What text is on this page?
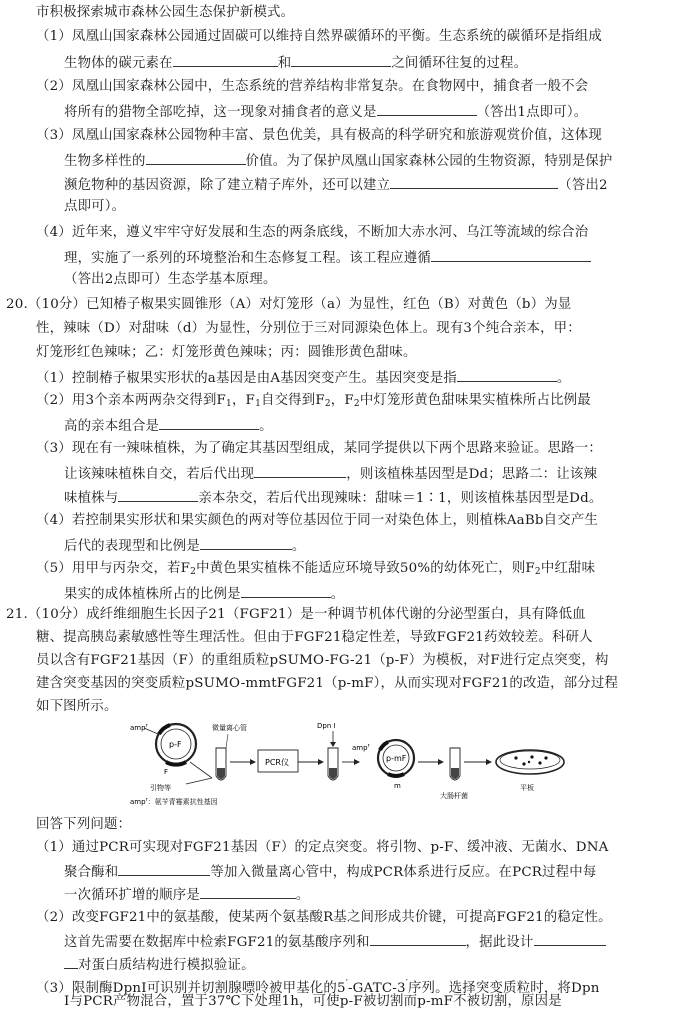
市积极探索城市森林公园生态保护新模式。
（1）凤凰山国家森林公园通过固碳可以维持自然界碳循环的平衡。生态系统的碳循环是指组成
生物体的碳元素在	和	之间循环往复的过程。
（2）凤凰山国家森林公园中，生态系统的营养结构非常复杂。在食物网中，捕食者一般不会
将所有的猎物全部吃掉，这一现象对捕食者的意义是	（答出1点即可）。
（3）凤凰山国家森林公园物种丰富、景色优美，具有极高的科学研究和旅游观赏价值，这体现
生物多样性的	价值。为了保护凤凰山国家森林公园的生物资源，特别是保护
濒危物种的基因资源，除了建立精子库外，还可以建立	（答出2
点即可）。
（4）近年来，遵义牢牢守好发展和生态的两条底线，不断加大赤水河、乌江等流域的综合治
理，实施了一系列的环境整治和生态修复工程。该工程应遵循
（答出2点即可）生态学基本原理。
20.（10分）已知椿子椒果实圆锥形（A）对灯笼形（a）为显性，红色（B）对黄色（b）为显
性，辣味（D）对甜味（d）为显性，分别位于三对同源染色体上。现有3个纯合亲本，甲：
灯笼形红色辣味；乙：灯笼形黄色辣味；丙：圆锥形黄色甜味。
（1）控制椿子椒果实形状的a基因是由A基因突变产生。基因突变是指	。
（2）用3个亲本两两杂交得到$F_1$，$F_1$自交得到$F_2$，$F_2$中灯笼形黄色甜味果实植株所占比例最
高的亲本组合是	。
（3）现在有一辣味植株，为了确定其基因型组成，某同学提供以下两个思路来验证。思路一：
让该辣味植株自交，若后代出现	，则该植株基因型是Dd；思路二：让该辣
味植株与	亲本杂交，若后代出现辣味：甜味＝1∶1，则该植株基因型是Dd。
（4）若控制果实形状和果实颜色的两对等位基因位于同一对染色体上，则植株AaBb自交产生
后代的表现型和比例是	。
（5）用甲与丙杂交，若$F_2$中黄色果实植株不能适应环境导致50%的幼体死亡，则$F_2$中红甜味
果实的成体植株所占的比例是	。
21.（10分）成纤维细胞生长因子21（FGF21）是一种调节机体代谢的分泌型蛋白，具有降低血
糖、提高胰岛素敏感性等生理活性。但由于FGF21稳定性差，导致FGF21药效较差。科研人
员以含有FGF21基因（F）的重组质粒pSUMO-FG-21（p-F）为模板，对F进行定点突变，构
建含突变基因的突变质粒pSUMO-mmtFGF21（p-mF），从而实现对FGF21的改造，部分过程
如下图所示。
amp$^r$
p-F
F
引物等
微量离心管
PCR仪
Dpn I
amp$^r$
p-mF
m
大肠杆菌
平板
amp$^r$：氨苄青霉素抗性基因
回答下列问题：
（1）通过PCR可实现对FGF21基因（F）的定点突变。将引物、p-F、缓冲液、无菌水、DNA
聚合酶和	等加入微量离心管中，构成PCR体系进行反应。在PCR过程中每
一次循环扩增的顺序是	。
（2）改变FGF21中的氨基酸，使某两个氨基酸R基之间形成共价键，可提高FGF21的稳定性。
这首先需要在数据库中检索FGF21的氨基酸序列和	，据此设计
对蛋白质结构进行模拟验证。
（3）限制酶DpnI可识别并切割腺嘌呤被甲基化的5′-GATC-3′序列。选择突变质粒时，将Dpn
Ⅰ与PCR产物混合，置于37℃下处理1h，可使p-F被切割而p-mF不被切割，原因是
